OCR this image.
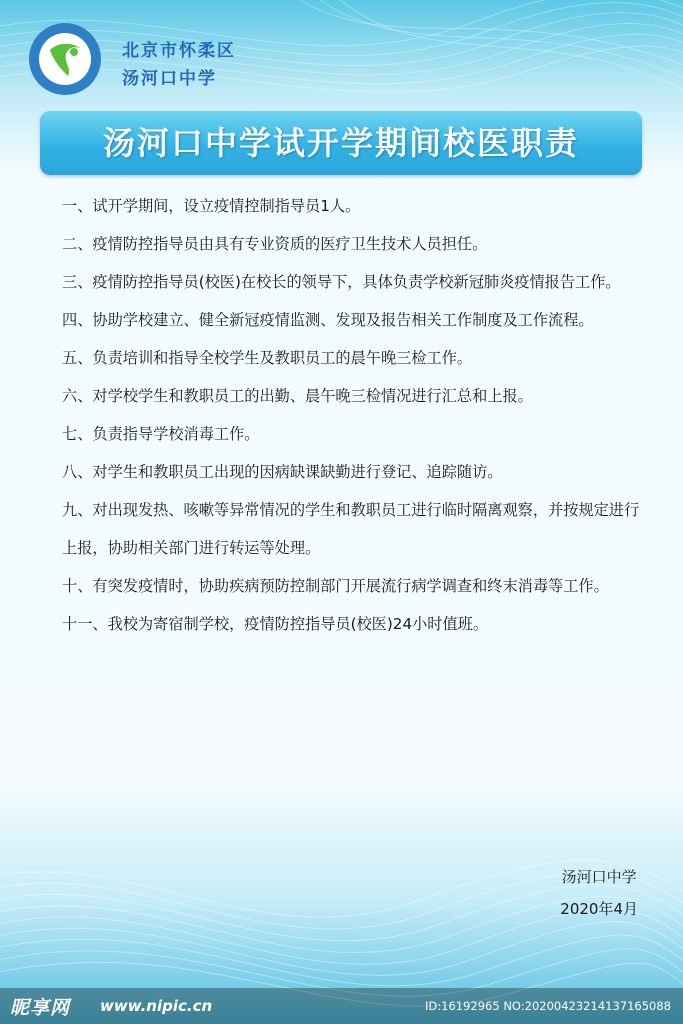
北京市怀柔区
汤河口中学
汤河口中学试开学期间校医职责

一、试开学期间，设立疫情控制指导员1人。

二、疫情防控指导员由具有专业资质的医疗卫生技术人员担任。

三、疫情防控指导员(校医)在校长的领导下，具体负责学校新冠肺炎疫情报告工作。

四、协助学校建立、健全新冠疫情监测、发现及报告相关工作制度及工作流程。

五、负责培训和指导全校学生及教职员工的晨午晚三检工作。

六、对学校学生和教职员工的出勤、晨午晚三检情况进行汇总和上报。

七、负责指导学校消毒工作。

八、对学生和教职员工出现的因病缺课缺勤进行登记、追踪随访。

九、对出现发热、咳嗽等异常情况的学生和教职员工进行临时隔离观察，并按规定进行上报，协助相关部门进行转运等处理。

十、有突发疫情时，协助疾病预防控制部门开展流行病学调查和终末消毒等工作。

十一、我校为寄宿制学校，疫情防控指导员(校医)24小时值班。

汤河口中学
2020年4月
昵享网 www.nipic.cn	ID:16192965 NO:20200423214137165088
